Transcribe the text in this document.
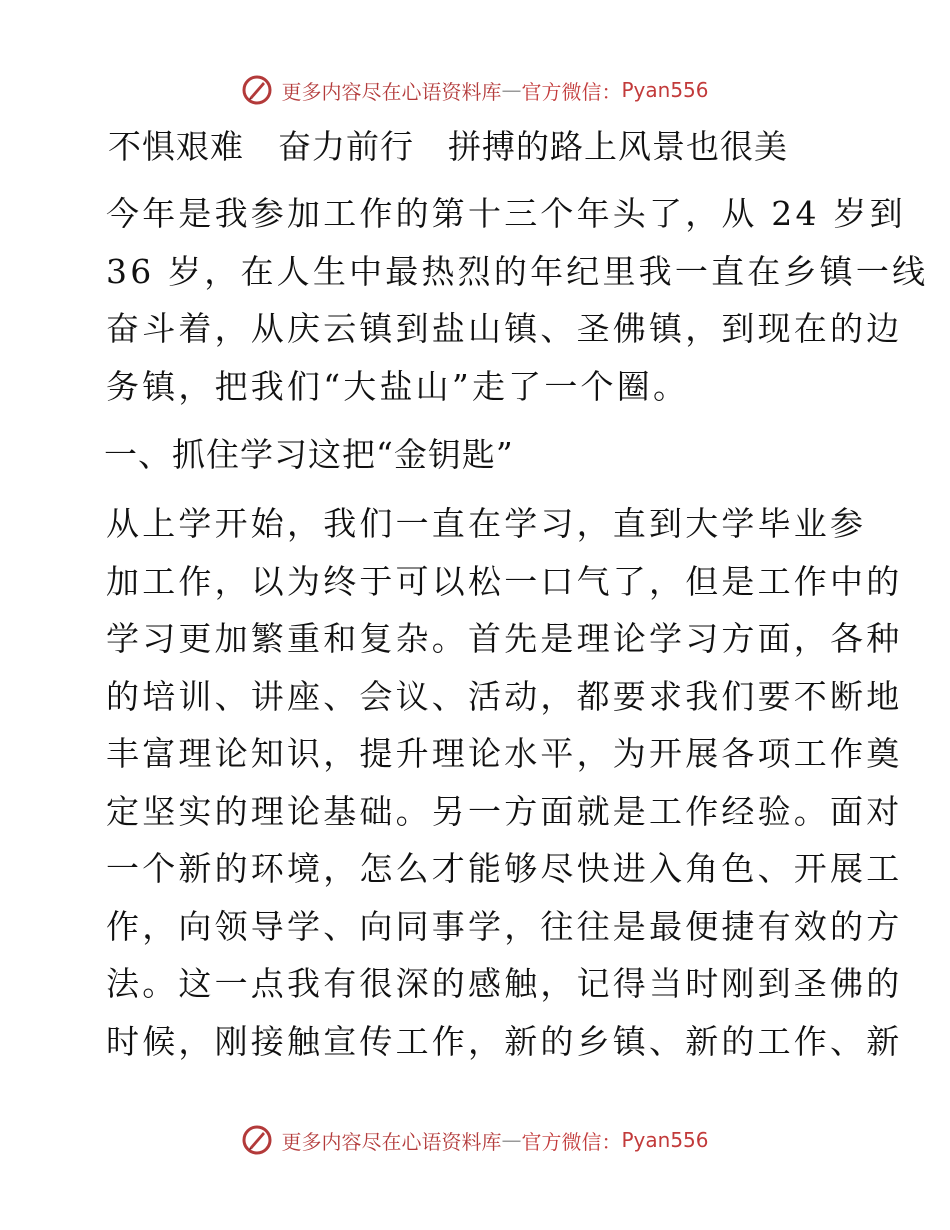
更多内容尽在心语资料库 — 官方微信： Pyan556
不惧艰难　奋力前行　拼搏的路上风景也很美
今年是我参加工作的第十三个年头了，从 24 岁到
36 岁，在人生中最热烈的年纪里我一直在乡镇一线
奋斗着，从庆云镇到盐山镇、圣佛镇，到现在的边
务镇，把我们“大盐山”走了一个圈。
一、抓住学习这把“金钥匙”
从上学开始，我们一直在学习，直到大学毕业参
加工作，以为终于可以松一口气了，但是工作中的
学习更加繁重和复杂。首先是理论学习方面，各种
的培训、讲座、会议、活动，都要求我们要不断地
丰富理论知识，提升理论水平，为开展各项工作奠
定坚实的理论基础。另一方面就是工作经验。面对
一个新的环境，怎么才能够尽快进入角色、开展工
作，向领导学、向同事学，往往是最便捷有效的方
法。这一点我有很深的感触，记得当时刚到圣佛的
时候，刚接触宣传工作，新的乡镇、新的工作、新
更多内容尽在心语资料库 — 官方微信： Pyan556
